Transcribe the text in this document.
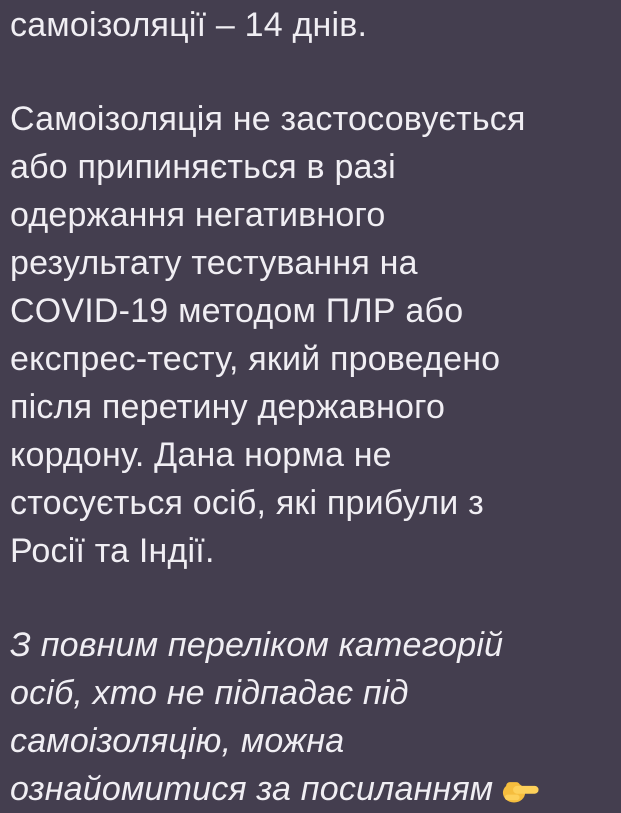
самоізоляції – 14 днів.
Самоізоляція не застосовується
або припиняється в разі
одержання негативного
результату тестування на
COVID-19 методом ПЛР або
експрес-тесту, який проведено
після перетину державного
кордону. Дана норма не
стосується осіб, які прибули з
Росії та Індії.
З повним переліком категорій
осіб, хто не підпадає під
самоізоляцію, можна
ознайомитися за посиланням
